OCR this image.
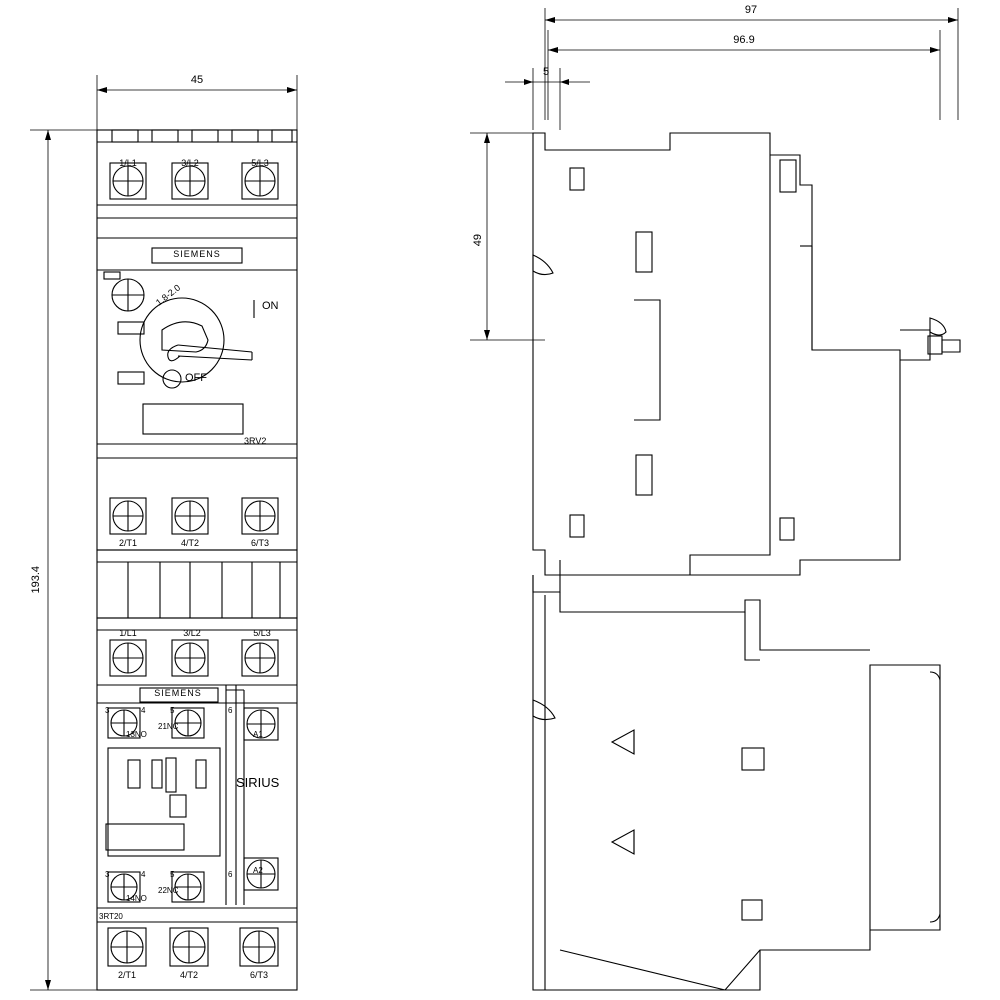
45
193.4
97
96.9
5
49
1/L1	3/L2	5/L3
SIEMENS
1.8-2.0	ON
OFF
3RV2
2/T1	4/T2	6/T3
1/L1	3/L2	5/L3
SIEMENS
3	4	5	6
13NO
21NC
A1
SIRIUS
3	4	5	6
14NO
22NC
A2
3RT20
2/T1	4/T2	6/T3
